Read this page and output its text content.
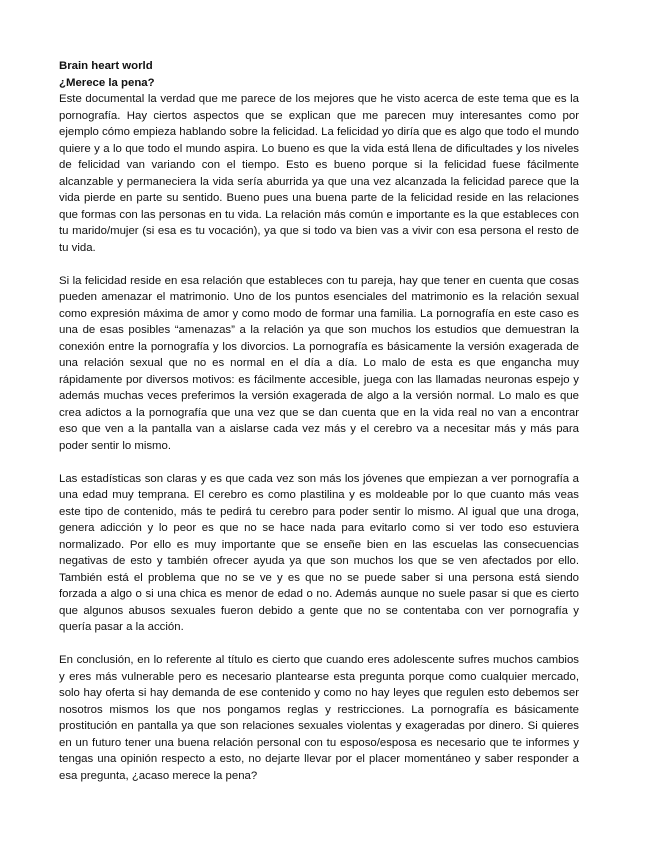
Brain heart world

¿Merece la pena?

Este documental la verdad que me parece de los mejores que he visto acerca de este tema que es la pornografía. Hay ciertos aspectos que se explican que me parecen muy interesantes como por ejemplo cómo empieza hablando sobre la felicidad. La felicidad yo diría que es algo que todo el mundo quiere y a lo que todo el mundo aspira. Lo bueno es que la vida está llena de dificultades y los niveles de felicidad van variando con el tiempo. Esto es bueno porque si la felicidad fuese fácilmente alcanzable y permaneciera la vida sería aburrida ya que una vez alcanzada la felicidad parece que la vida pierde en parte su sentido. Bueno pues una buena parte de la felicidad reside en las relaciones que formas con las personas en tu vida. La relación más común e importante es la que estableces con tu marido/mujer (si esa es tu vocación), ya que si todo va bien vas a vivir con esa persona el resto de tu vida.

Si la felicidad reside en esa relación que estableces con tu pareja, hay que tener en cuenta que cosas pueden amenazar el matrimonio. Uno de los puntos esenciales del matrimonio es la relación sexual como expresión máxima de amor y como modo de formar una familia. La pornografía en este caso es una de esas posibles “amenazas” a la relación ya que son muchos los estudios que demuestran la conexión entre la pornografía y los divorcios. La pornografía es básicamente la versión exagerada de una relación sexual que no es normal en el día a día. Lo malo de esta es que engancha muy rápidamente por diversos motivos: es fácilmente accesible, juega con las llamadas neuronas espejo y además muchas veces preferimos la versión exagerada de algo a la versión normal. Lo malo es que crea adictos a la pornografía que una vez que se dan cuenta que en la vida real no van a encontrar eso que ven a la pantalla van a aislarse cada vez más y el cerebro va a necesitar más y más para poder sentir lo mismo.

Las estadísticas son claras y es que cada vez son más los jóvenes que empiezan a ver pornografía a una edad muy temprana. El cerebro es como plastilina y es moldeable por lo que cuanto más veas este tipo de contenido, más te pedirá tu cerebro para poder sentir lo mismo. Al igual que una droga, genera adicción y lo peor es que no se hace nada para evitarlo como si ver todo eso estuviera normalizado. Por ello es muy importante que se enseñe bien en las escuelas las consecuencias negativas de esto y también ofrecer ayuda ya que son muchos los que se ven afectados por ello. También está el problema que no se ve y es que no se puede saber si una persona está siendo forzada a algo o si una chica es menor de edad o no. Además aunque no suele pasar si que es cierto que algunos abusos sexuales fueron debido a gente que no se contentaba con ver pornografía y quería pasar a la acción.

En conclusión, en lo referente al título es cierto que cuando eres adolescente sufres muchos cambios y eres más vulnerable pero es necesario plantearse esta pregunta porque como cualquier mercado, solo hay oferta si hay demanda de ese contenido y como no hay leyes que regulen esto debemos ser nosotros mismos los que nos pongamos reglas y restricciones. La pornografía es básicamente prostitución en pantalla ya que son relaciones sexuales violentas y exageradas por dinero. Si quieres en un futuro tener una buena relación personal con tu esposo/esposa es necesario que te informes y tengas una opinión respecto a esto, no dejarte llevar por el placer momentáneo y saber responder a esa pregunta, ¿acaso merece la pena?
